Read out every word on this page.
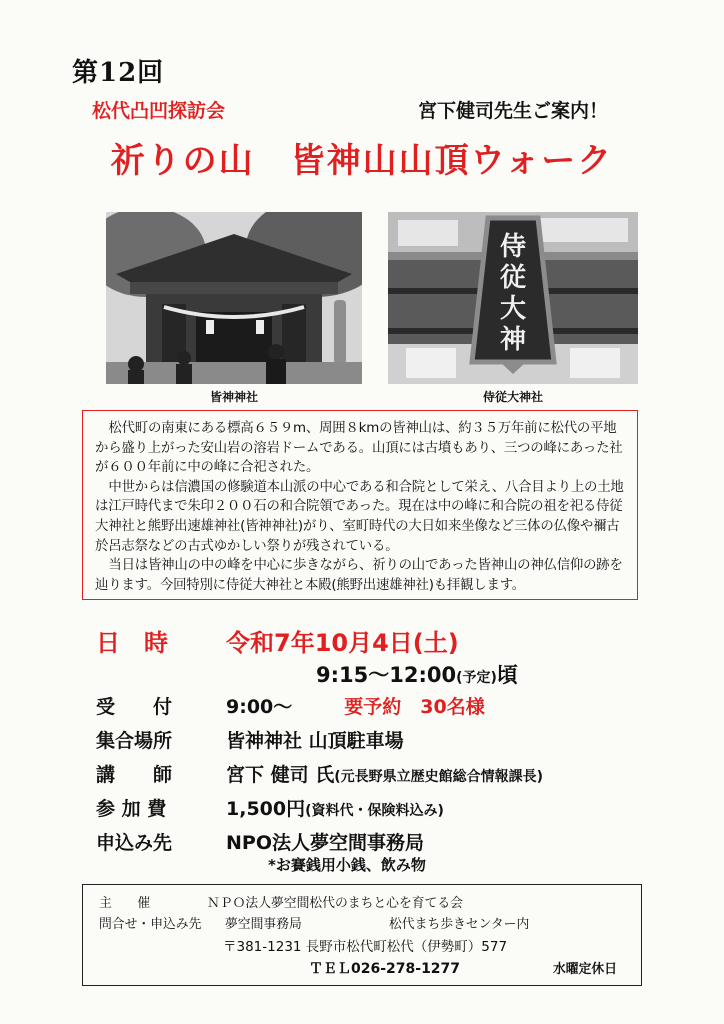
第12回
松代凸凹探訪会	宮下健司先生ご案内！
祈りの山　皆神山山頂ウォーク
皆神神社
侍従大神
侍従大神社

松代町の南東にある標高６５９m、周囲８kmの皆神山は、約３５万年前に松代の平地から盛り上がった安山岩の溶岩ドームである。山頂には古墳もあり、三つの峰にあった社が６００年前に中の峰に合祀された。

中世からは信濃国の修験道本山派の中心である和合院として栄え、八合目より上の土地は江戸時代まで朱印２００石の和合院領であった。現在は中の峰に和合院の祖を祀る侍従大神社と熊野出速雄神社(皆神神社)がり、室町時代の大日如来坐像など三体の仏像や禰古於呂志祭などの古式ゆかしい祭りが残されている。

当日は皆神山の中の峰を中心に歩きながら、祈りの山であった皆神山の神仏信仰の跡を辿ります。今回特別に侍従大神社と本殿(熊野出速雄神社)も拝観します。

日　時 令和7年10月4日(土)
9:15～12:00(予定)頃
受　　付	9:00～	要予約　30名様
集合場所	皆神神社 山頂駐車場
講　　師	宮下 健司 氏(元長野県立歴史館総合情報課長)
参 加 費	1,500円(資料代・保険料込み)
申込み先	NPO法人夢空間事務局
*お賽銭用小銭、飲み物
主　　催	ＮＰＯ法人夢空間松代のまちと心を育てる会
問合せ・申込み先 夢空間事務局	松代まち歩きセンター内
〒381-1231 長野市松代町松代（伊勢町）577
ＴＥＬ026-278-1277	水曜定休日
